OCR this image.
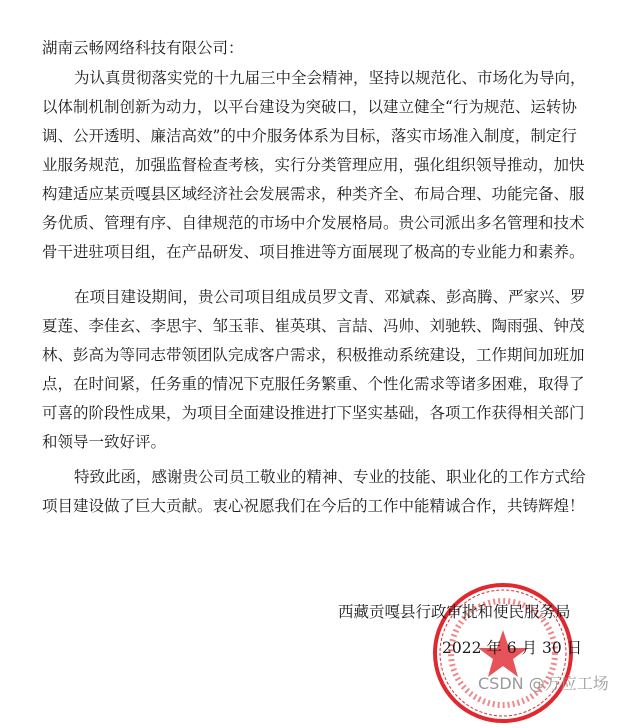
湖南云畅网络科技有限公司：
为认真贯彻落实党的十九届三中全会精神，坚持以规范化、市场化为导向，
以体制机制创新为动力，以平台建设为突破口，以建立健全“行为规范、运转协
调、公开透明、廉洁高效”的中介服务体系为目标，落实市场准入制度，制定行
业服务规范，加强监督检查考核，实行分类管理应用，强化组织领导推动，加快
构建适应某贡嘎县区域经济社会发展需求，种类齐全、布局合理、功能完备、服
务优质、管理有序、自律规范的市场中介发展格局。贵公司派出多名管理和技术
骨干进驻项目组，在产品研发、项目推进等方面展现了极高的专业能力和素养。
在项目建设期间，贵公司项目组成员罗文青、邓斌森、彭高腾、严家兴、罗
夏莲、李佳玄、李思宇、邹玉菲、崔英琪、言喆、冯帅、刘驰轶、陶雨强、钟茂
林、彭高为等同志带领团队完成客户需求，积极推动系统建设，工作期间加班加
点，在时间紧，任务重的情况下克服任务繁重、个性化需求等诸多困难，取得了
可喜的阶段性成果，为项目全面建设推进打下坚实基础，各项工作获得相关部门
和领导一致好评。
特致此函，感谢贵公司员工敬业的精神、专业的技能、职业化的工作方式给
项目建设做了巨大贡献。衷心祝愿我们在今后的工作中能精诚合作，共铸辉煌！
西藏贡嘎县行政审批和便民服务局
2022 年 6 月 30 日
CSDN @万应工场
